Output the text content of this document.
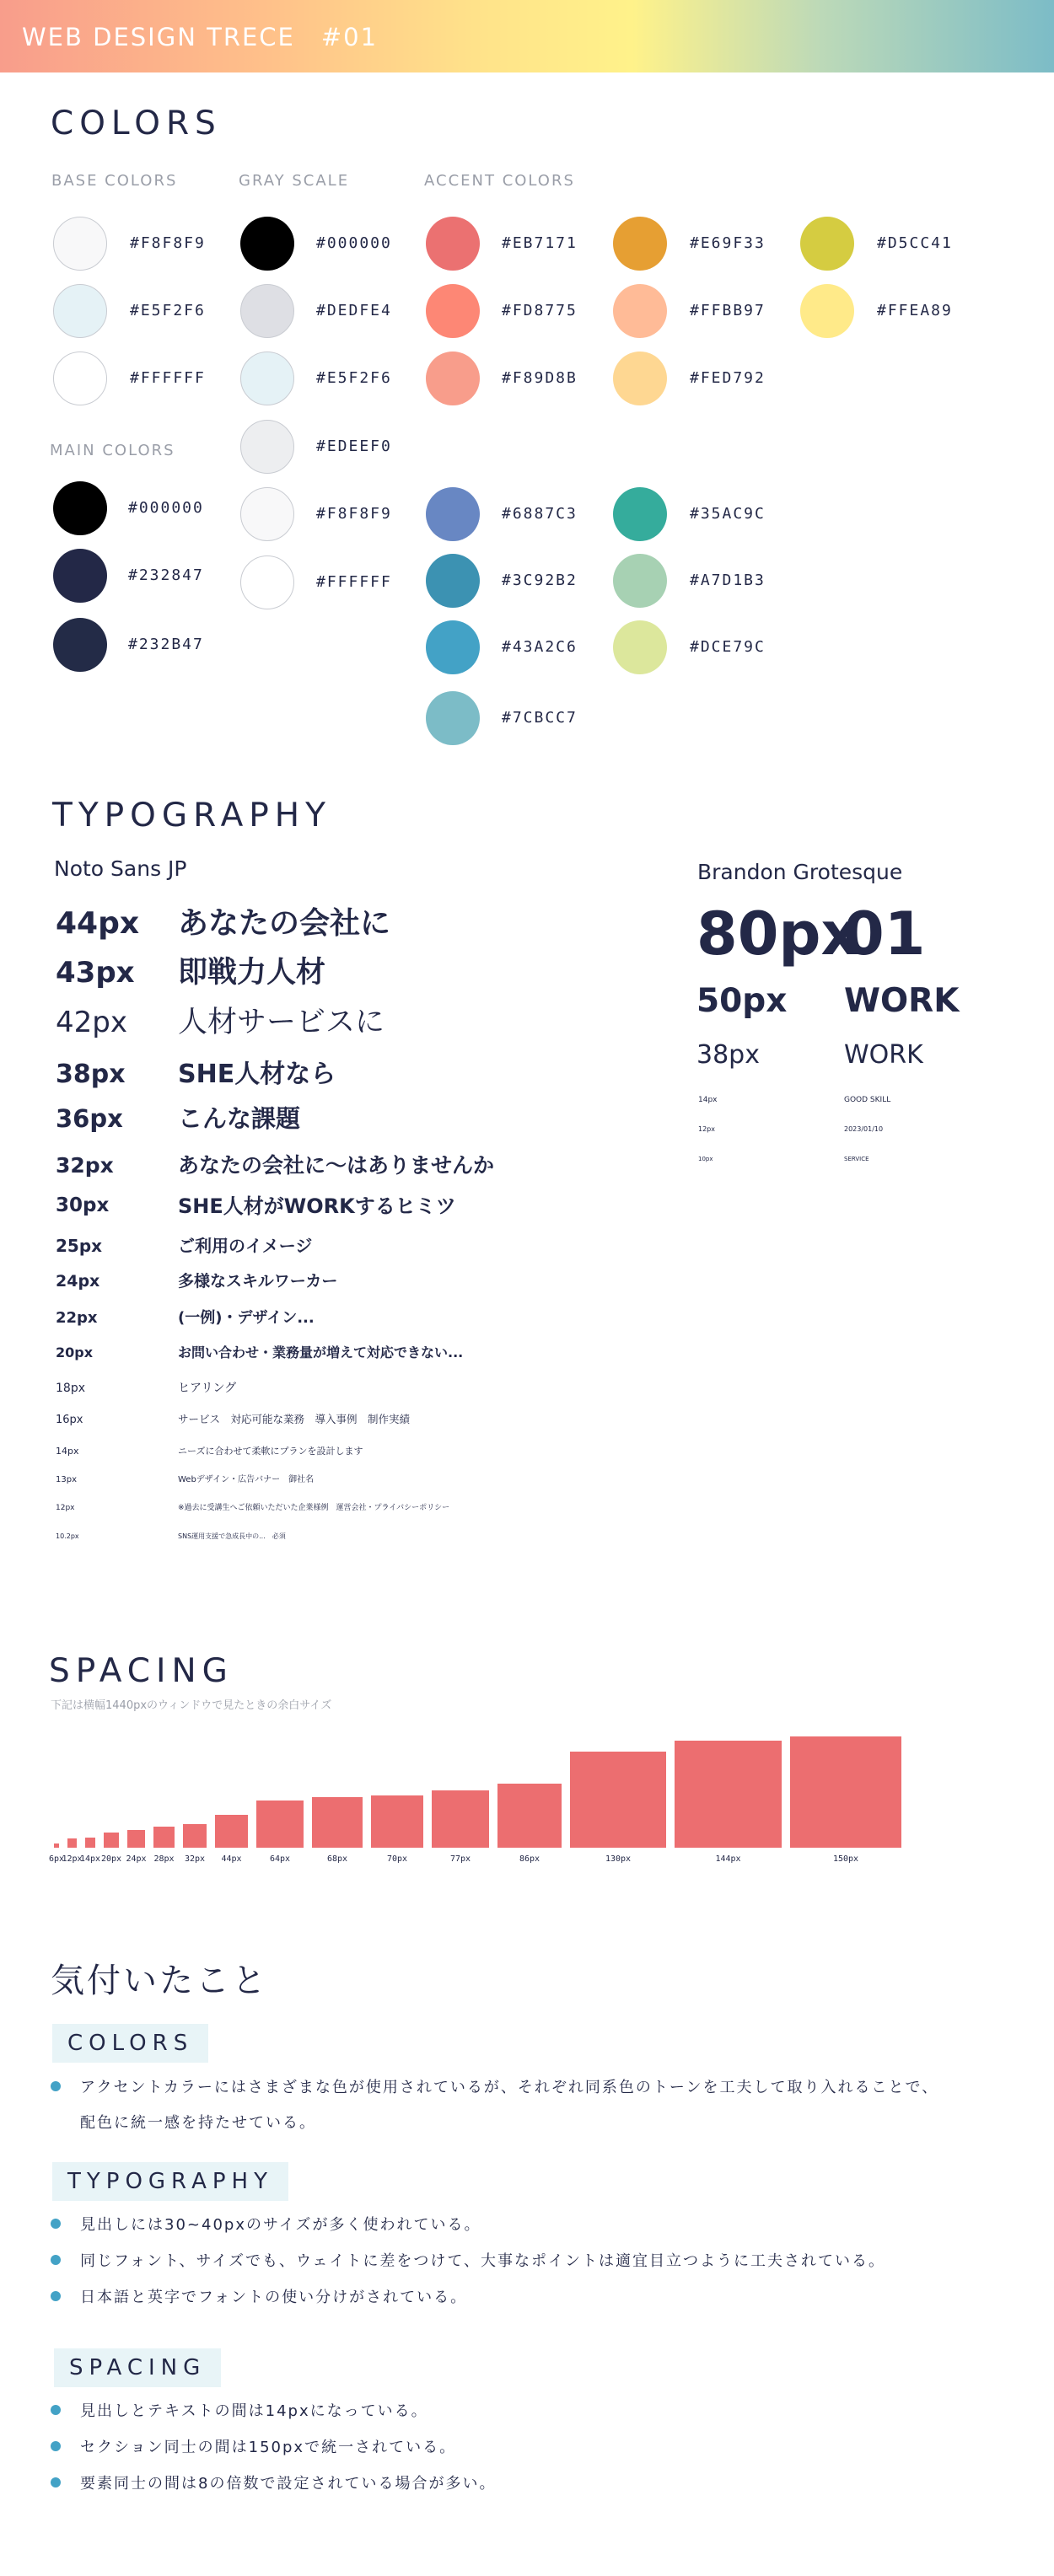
WEB DESIGN TRECE　#01
COLORS
BASE COLORS	GRAY SCALE	ACCENT COLORS
MAIN COLORS
#F8F8F9
#E5F2F6
#FFFFFF
#000000
#232847
#232B47
#000000
#DEDFE4
#E5F2F6
#EDEEF0
#F8F8F9
#FFFFFF
#EB7171
#FD8775
#F89D8B
#E69F33
#FFBB97
#FED792
#D5CC41
#FFEA89
#6887C3
#3C92B2
#43A2C6
#7CBCC7
#35AC9C
#A7D1B3
#DCE79C
TYPOGRAPHY
Noto Sans JP	Brandon Grotesque
44px あなたの会社に
43px 即戦力人材
42px 人材サービスに
38px SHE人材なら
36px こんな課題
32px	あなたの会社に〜はありませんか
30px	SHE人材がWORKするヒミツ
25px	ご利用のイメージ
24px	多様なスキルワーカー
22px	(一例)・デザイン...
20px	お問い合わせ・業務量が増えて対応できない...
18px	ヒアリング
16px	サービス　対応可能な業務　導入事例　制作実績
14px	ニーズに合わせて柔軟にプランを設計します
13px	Webデザイン・広告バナー　御社名
12px	※過去に受講生へご依頼いただいた企業様例　運営会社・プライバシーポリシー
10.2px	SNS運用支援で急成長中の...　必須
80px
01
50px WORK
38px	WORK
14px	GOOD SKILL
12px	2023/01/10
10px	SERVICE
SPACING
下記は横幅1440pxのウィンドウで見たときの余白サイズ
6px
12px
14px 20px 24px 28px	32px	44px	64px	68px	70px	77px	86px	130px	144px	150px
気付いたこと
COLORS
アクセントカラーにはさまざまな色が使用されているが、それぞれ同系色のトーンを工夫して取り入れることで、
配色に統一感を持たせている。
TYPOGRAPHY
見出しには30~40pxのサイズが多く使われている。
同じフォント、サイズでも、ウェイトに差をつけて、大事なポイントは適宜目立つように工夫されている。
日本語と英字でフォントの使い分けがされている。
SPACING
見出しとテキストの間は14pxになっている。
セクション同士の間は150pxで統一されている。
要素同士の間は8の倍数で設定されている場合が多い。
